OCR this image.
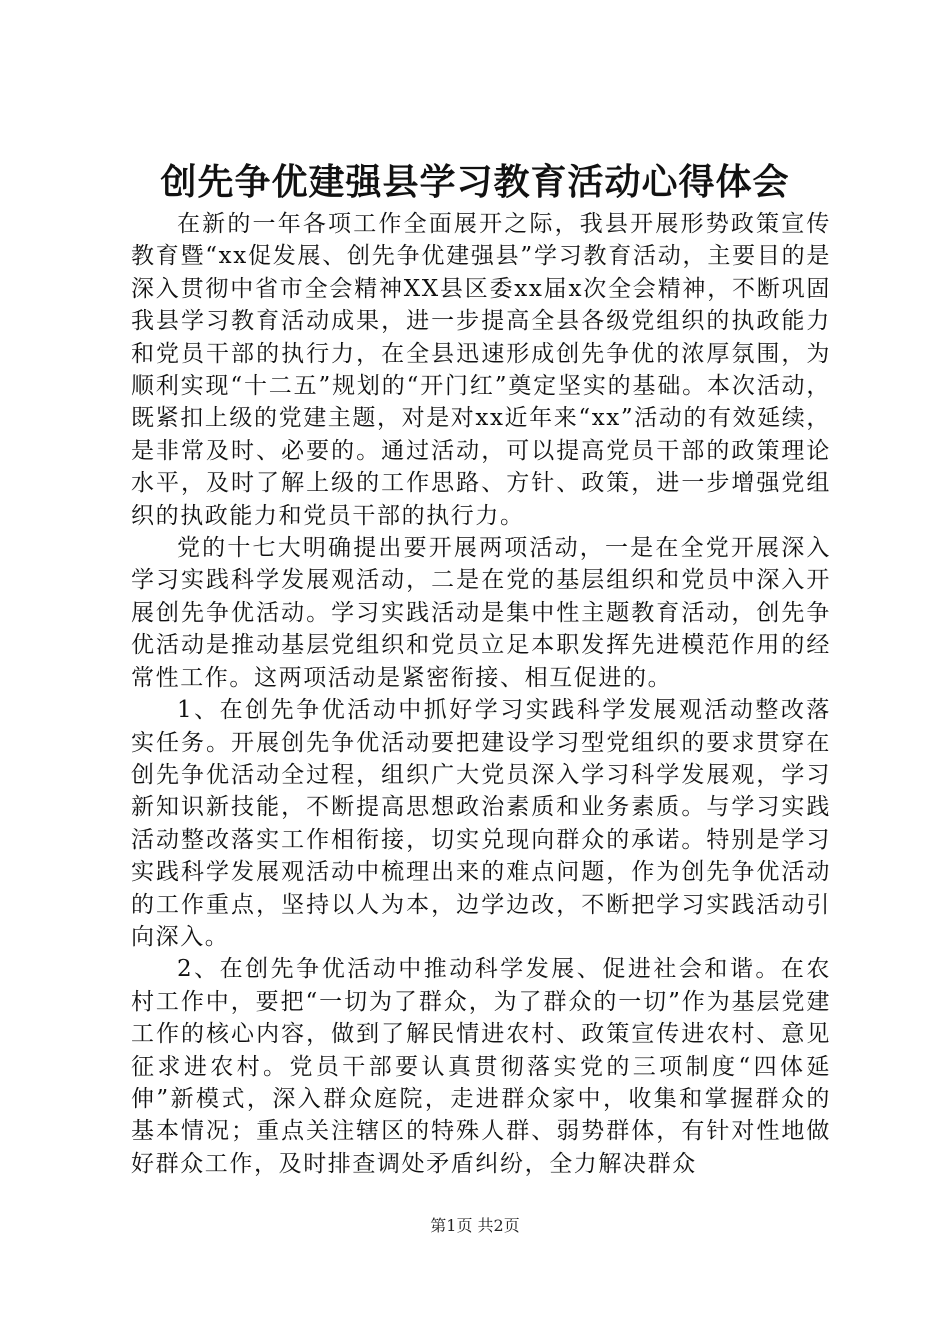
创先争优建强县学习教育活动心得体会

在新的一年各项工作全面展开之际，我县开展形势政策宣传教育暨“xx促发展、创先争优建强县”学习教育活动，主要目的是深入贯彻中省市全会精神XX县区委xx届x次全会精神，不断巩固我县学习教育活动成果，进一步提高全县各级党组织的执政能力和党员干部的执行力，在全县迅速形成创先争优的浓厚氛围，为顺利实现“十二五”规划的“开门红”奠定坚实的基础。本次活动，既紧扣上级的党建主题，对是对xx近年来“xx”活动的有效延续，是非常及时、必要的。通过活动，可以提高党员干部的政策理论水平，及时了解上级的工作思路、方针、政策，进一步增强党组织的执政能力和党员干部的执行力。

党的十七大明确提出要开展两项活动，一是在全党开展深入学习实践科学发展观活动，二是在党的基层组织和党员中深入开展创先争优活动。学习实践活动是集中性主题教育活动，创先争优活动是推动基层党组织和党员立足本职发挥先进模范作用的经常性工作。这两项活动是紧密衔接、相互促进的。

1、在创先争优活动中抓好学习实践科学发展观活动整改落实任务。开展创先争优活动要把建设学习型党组织的要求贯穿在创先争优活动全过程，组织广大党员深入学习科学发展观，学习新知识新技能，不断提高思想政治素质和业务素质。与学习实践活动整改落实工作相衔接，切实兑现向群众的承诺。特别是学习实践科学发展观活动中梳理出来的难点问题，作为创先争优活动的工作重点，坚持以人为本，边学边改，不断把学习实践活动引向深入。

2、在创先争优活动中推动科学发展、促进社会和谐。在农村工作中，要把“一切为了群众，为了群众的一切”作为基层党建工作的核心内容，做到了解民情进农村、政策宣传进农村、意见征求进农村。党员干部要认真贯彻落实党的三项制度“四体延伸”新模式，深入群众庭院，走进群众家中，收集和掌握群众的基本情况；重点关注辖区的特殊人群、弱势群体，有针对性地做好群众工作，及时排查调处矛盾纠纷，全力解决群众

第1页 共2页
